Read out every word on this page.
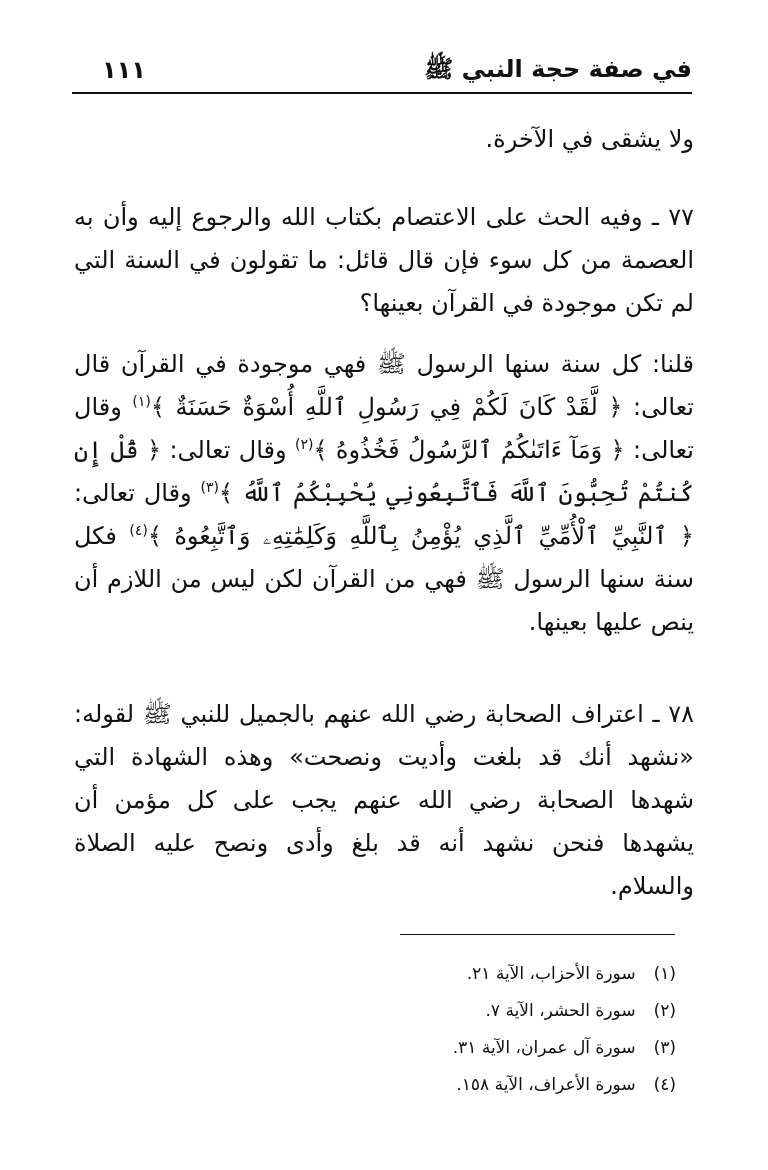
في صفة حجة النبي ﷺ
١١١
ولا يشقى في الآخرة.
٧٧ ـ وفيه الحث على الاعتصام بكتاب الله والرجوع إليه وأن به العصمة من كل سوء فإن قال قائل: ما تقولون في السنة التي لم تكن موجودة في القرآن بعينها؟
قلنا: كل سنة سنها الرسول ﷺ فهي موجودة في القرآن قال تعالى: ﴿ لَّقَدْ كَانَ لَكُمْ فِي رَسُولِ ٱللَّهِ أُسْوَةٌ حَسَنَةٌ ﴾$^{(١)}$ وقال تعالى: ﴿ وَمَآ ءَاتَىٰكُمُ ٱلرَّسُولُ فَخُذُوهُ ﴾$^{(٢)}$ وقال تعالى: ﴿ قُلْ إِن كُنتُمْ تُحِبُّونَ ٱللَّهَ فَٱتَّبِعُونِي يُحْبِبْكُمُ ٱللَّهُ ﴾$^{(٣)}$ وقال تعالى: ﴿ ٱلنَّبِيِّ ٱلْأُمِّيِّ ٱلَّذِي يُؤْمِنُ بِٱللَّهِ وَكَلِمَٰتِهِۦ وَٱتَّبِعُوهُ ﴾$^{(٤)}$ فكل سنة سنها الرسول ﷺ فهي من القرآن لكن ليس من اللازم أن ينص عليها بعينها.
٧٨ ـ اعتراف الصحابة رضي الله عنهم بالجميل للنبي ﷺ لقوله: «نشهد أنك قد بلغت وأديت ونصحت» وهذه الشهادة التي شهدها الصحابة رضي الله عنهم يجب على كل مؤمن أن يشهدها فنحن نشهد أنه قد بلغ وأدى ونصح عليه الصلاة والسلام.
(١)
سورة الأحزاب، الآية ٢١.
(٢)
سورة الحشر، الآية ٧.
(٣)
سورة آل عمران، الآية ٣١.
(٤)
سورة الأعراف، الآية ١٥٨.
